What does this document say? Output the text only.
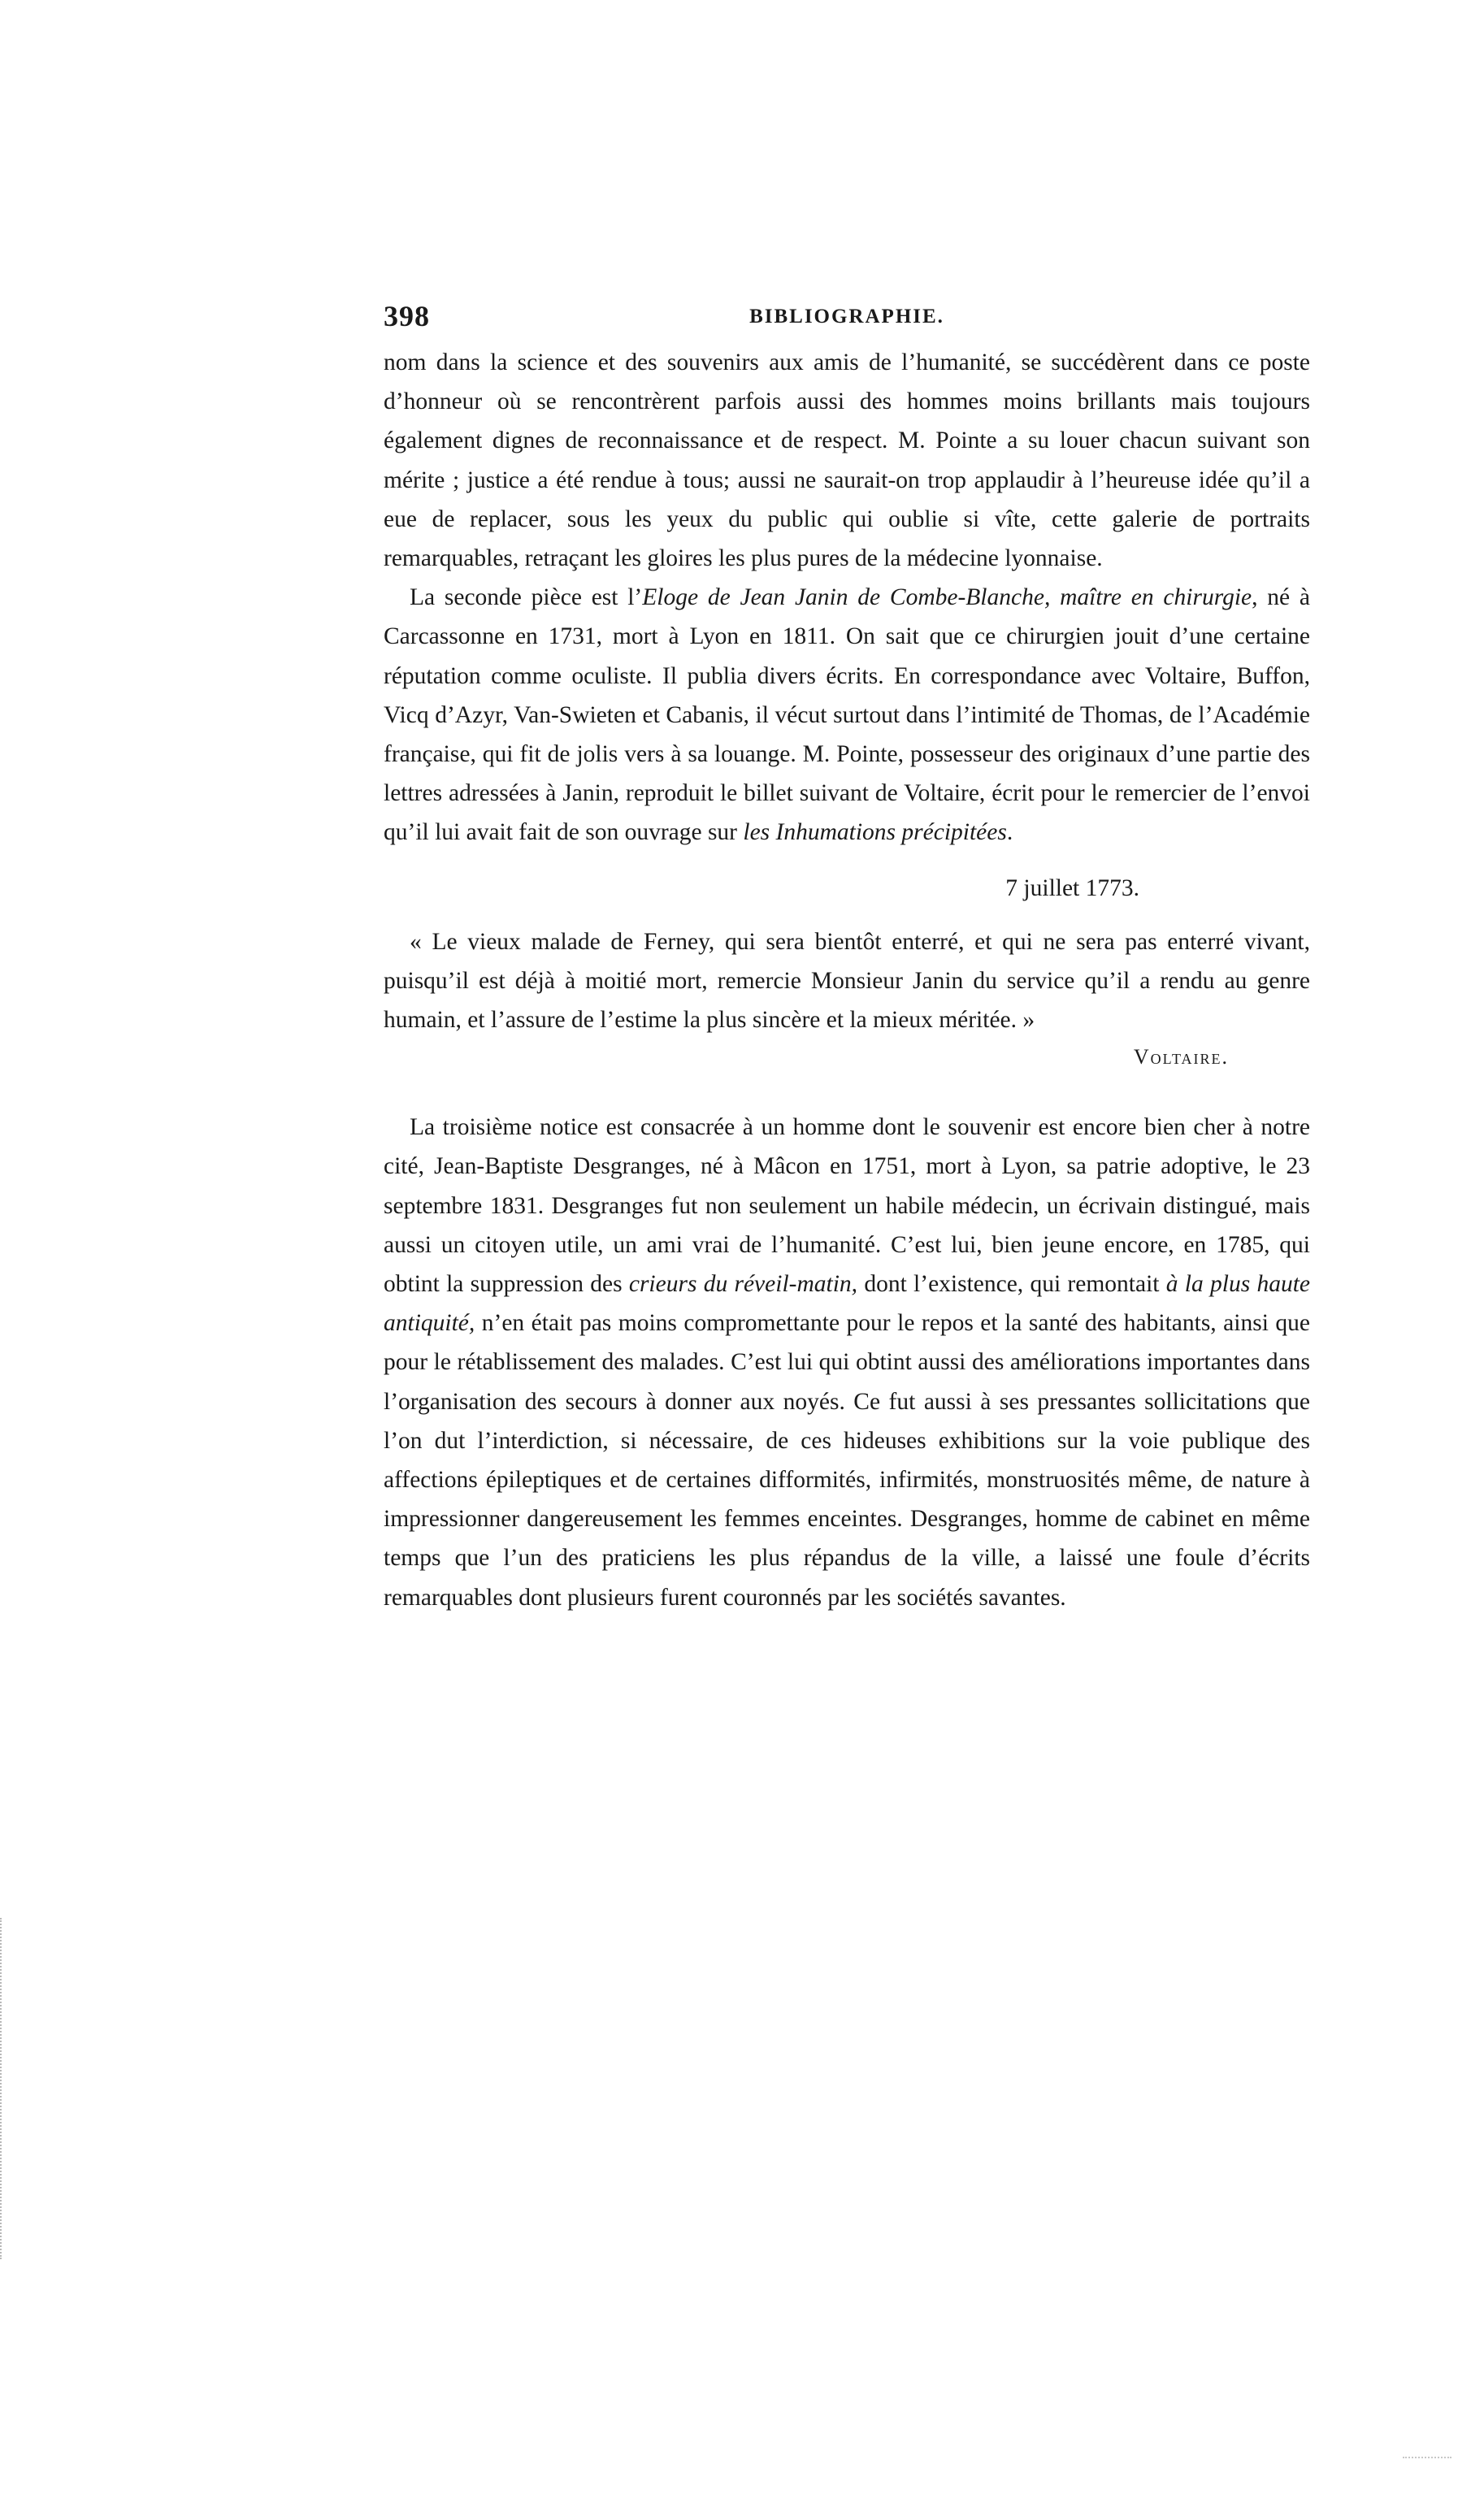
398	BIBLIOGRAPHIE.

nom dans la science et des souvenirs aux amis de l’humanité, se succédèrent dans ce poste d’honneur où se rencontrèrent parfois aussi des hommes moins brillants mais toujours également dignes de reconnaissance et de respect. M. Pointe a su louer chacun suivant son mérite ; justice a été rendue à tous; aussi ne saurait-on trop applaudir à l’heureuse idée qu’il a eue de replacer, sous les yeux du public qui oublie si vîte, cette galerie de portraits remarquables, retraçant les gloires les plus pures de la médecine lyonnaise.

La seconde pièce est l’Eloge de Jean Janin de Combe-Blanche, maître en chirurgie, né à Carcassonne en 1731, mort à Lyon en 1811. On sait que ce chirurgien jouit d’une certaine réputation comme oculiste. Il publia divers écrits. En correspondance avec Voltaire, Buffon, Vicq d’Azyr, Van-Swieten et Cabanis, il vécut surtout dans l’intimité de Thomas, de l’Académie française, qui fit de jolis vers à sa louange. M. Pointe, possesseur des originaux d’une partie des lettres adressées à Janin, reproduit le billet suivant de Voltaire, écrit pour le remercier de l’envoi qu’il lui avait fait de son ouvrage sur les Inhumations précipitées.

7 juillet 1773.

« Le vieux malade de Ferney, qui sera bientôt enterré, et qui ne sera pas enterré vivant, puisqu’il est déjà à moitié mort, remercie Monsieur Janin du service qu’il a rendu au genre humain, et l’assure de l’estime la plus sincère et la mieux méritée. »

Voltaire.

La troisième notice est consacrée à un homme dont le souvenir est encore bien cher à notre cité, Jean-Baptiste Desgranges, né à Mâcon en 1751, mort à Lyon, sa patrie adoptive, le 23 septembre 1831. Desgranges fut non seulement un habile médecin, un écrivain distingué, mais aussi un citoyen utile, un ami vrai de l’humanité. C’est lui, bien jeune encore, en 1785, qui obtint la suppression des crieurs du réveil-matin, dont l’existence, qui remontait à la plus haute antiquité, n’en était pas moins compromettante pour le repos et la santé des habitants, ainsi que pour le rétablissement des malades. C’est lui qui obtint aussi des améliorations importantes dans l’organisation des secours à donner aux noyés. Ce fut aussi à ses pressantes sollicitations que l’on dut l’interdiction, si nécessaire, de ces hideuses exhibitions sur la voie publique des affections épileptiques et de certaines difformités, infirmités, monstruosités même, de nature à impressionner dangereusement les femmes enceintes. Desgranges, homme de cabinet en même temps que l’un des praticiens les plus répandus de la ville, a laissé une foule d’écrits remarquables dont plusieurs furent couronnés par les sociétés savantes.
